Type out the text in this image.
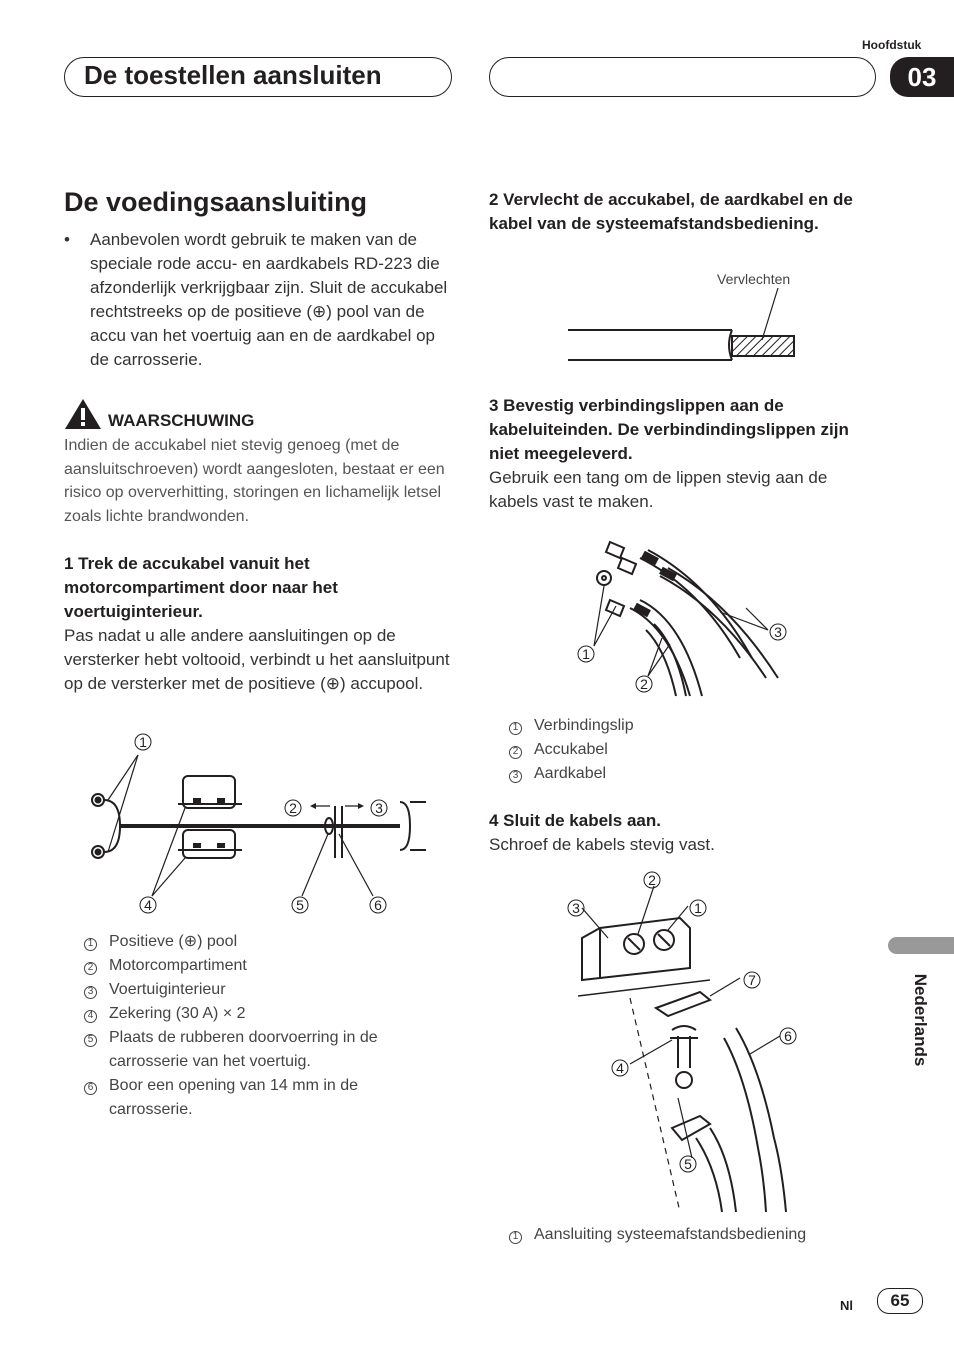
Hoofdstuk
De toestellen aansluiten	03
De voedingsaansluiting
• Aanbevolen wordt gebruik te maken van de speciale rode accu- en aardkabels RD-223 die afzonderlijk verkrijgbaar zijn. Sluit de accukabel rechtstreeks op de positieve (⊕) pool van de accu van het voertuig aan en de aardkabel op de carrosserie.
WAARSCHUWING
Indien de accukabel niet stevig genoeg (met de aansluitschroeven) wordt aangesloten, bestaat er een risico op oververhitting, storingen en lichamelijk letsel zoals lichte brandwonden.
1 Trek de accukabel vanuit het motorcompartiment door naar het voertuiginterieur.
Pas nadat u alle andere aansluitingen op de versterker hebt voltooid, verbindt u het aansluitpunt op de versterker met de positieve (⊕) accupool.
1
2	3
4	5	6
1 Positieve (⊕) pool
2 Motorcompartiment
3 Voertuiginterieur
4 Zekering (30 A) × 2
5 Plaats de rubberen doorvoerring in de carrosserie van het voertuig.
6 Boor een opening van 14 mm in de carrosserie.
2 Vervlecht de accukabel, de aardkabel en de kabel van de systeemafstandsbediening.
Vervlechten
3 Bevestig verbindingslippen aan de kabeluiteinden. De verbindindingslippen zijn niet meegeleverd.
Gebruik een tang om de lippen stevig aan de kabels vast te maken.
1
2
3
1 Verbindingslip
2 Accukabel
3 Aardkabel
4 Sluit de kabels aan.
Schroef de kabels stevig vast.
2
3	1
7
6
4
5
1 Aansluiting systeemafstandsbediening
Nederlands
Nl	65
